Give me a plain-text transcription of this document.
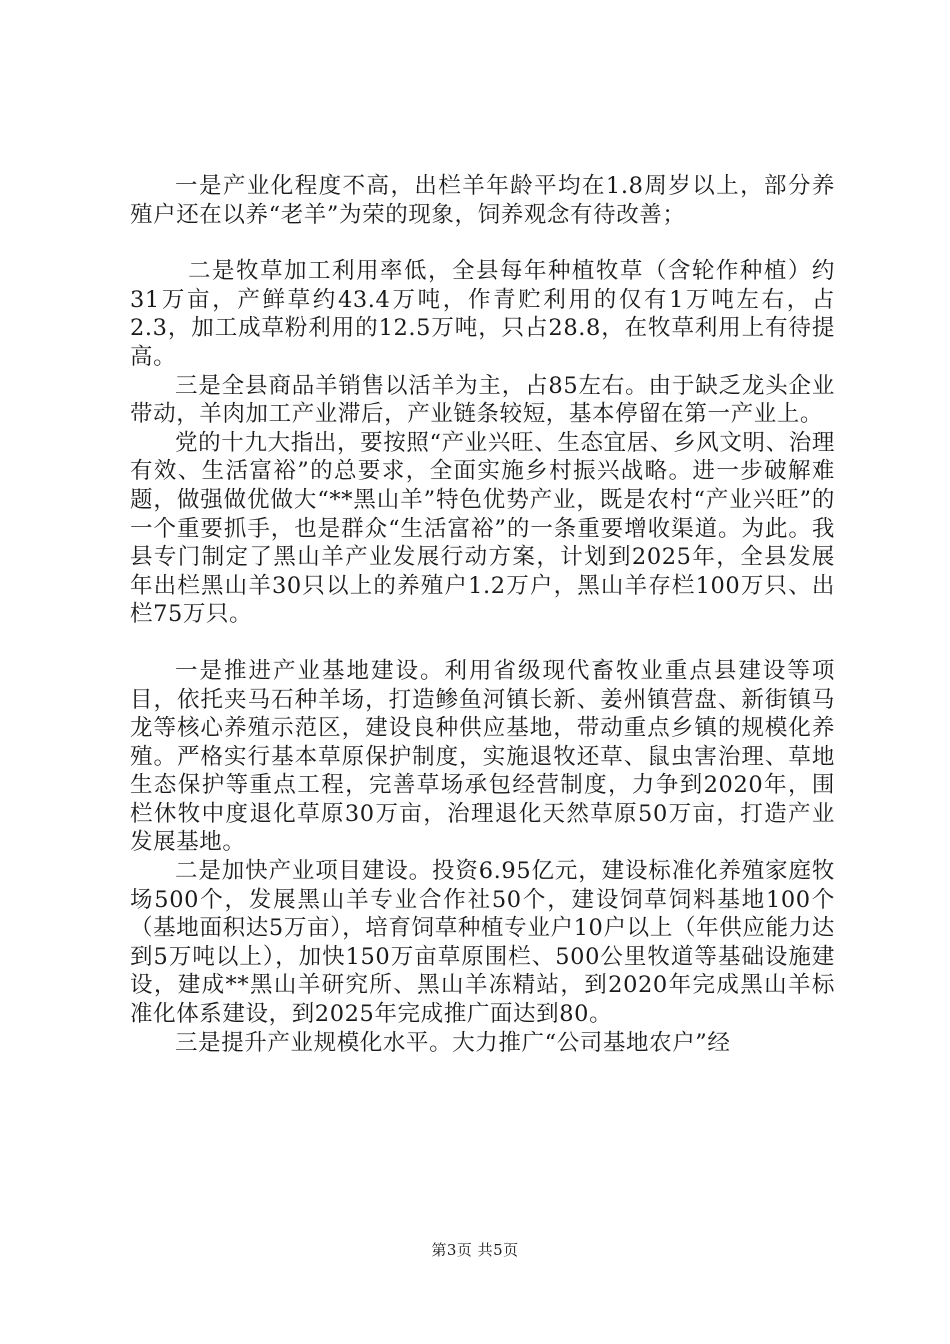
一是产业化程度不高，出栏羊年龄平均在1.8周岁以上，部分养殖户还在以养“老羊”为荣的现象，饲养观念有待改善；

二是牧草加工利用率低，全县每年种植牧草（含轮作种植）约31万亩，产鲜草约43.4万吨，作青贮利用的仅有1万吨左右，占2.3，加工成草粉利用的12.5万吨，只占28.8，在牧草利用上有待提高。

三是全县商品羊销售以活羊为主，占85左右。由于缺乏龙头企业带动，羊肉加工产业滞后，产业链条较短，基本停留在第一产业上。

党的十九大指出，要按照“产业兴旺、生态宜居、乡风文明、治理有效、生活富裕”的总要求，全面实施乡村振兴战略。进一步破解难题，做强做优做大“**黑山羊”特色优势产业，既是农村“产业兴旺”的一个重要抓手，也是群众“生活富裕”的一条重要增收渠道。为此。我县专门制定了黑山羊产业发展行动方案，计划到2025年，全县发展年出栏黑山羊30只以上的养殖户1.2万户，黑山羊存栏100万只、出栏75万只。

一是推进产业基地建设。利用省级现代畜牧业重点县建设等项目，依托夹马石种羊场，打造鲹鱼河镇长新、姜州镇营盘、新街镇马龙等核心养殖示范区，建设良种供应基地，带动重点乡镇的规模化养殖。严格实行基本草原保护制度，实施退牧还草、鼠虫害治理、草地生态保护等重点工程，完善草场承包经营制度，力争到2020年，围栏休牧中度退化草原30万亩，治理退化天然草原50万亩，打造产业发展基地。

二是加快产业项目建设。投资6.95亿元，建设标准化养殖家庭牧场500个，发展黑山羊专业合作社50个，建设饲草饲料基地100个（基地面积达5万亩），培育饲草种植专业户10户以上（年供应能力达到5万吨以上），加快150万亩草原围栏、500公里牧道等基础设施建设，建成**黑山羊研究所、黑山羊冻精站，到2020年完成黑山羊标准化体系建设，到2025年完成推广面达到80。

三是提升产业规模化水平。大力推广“公司基地农户”经

第3页 共5页
